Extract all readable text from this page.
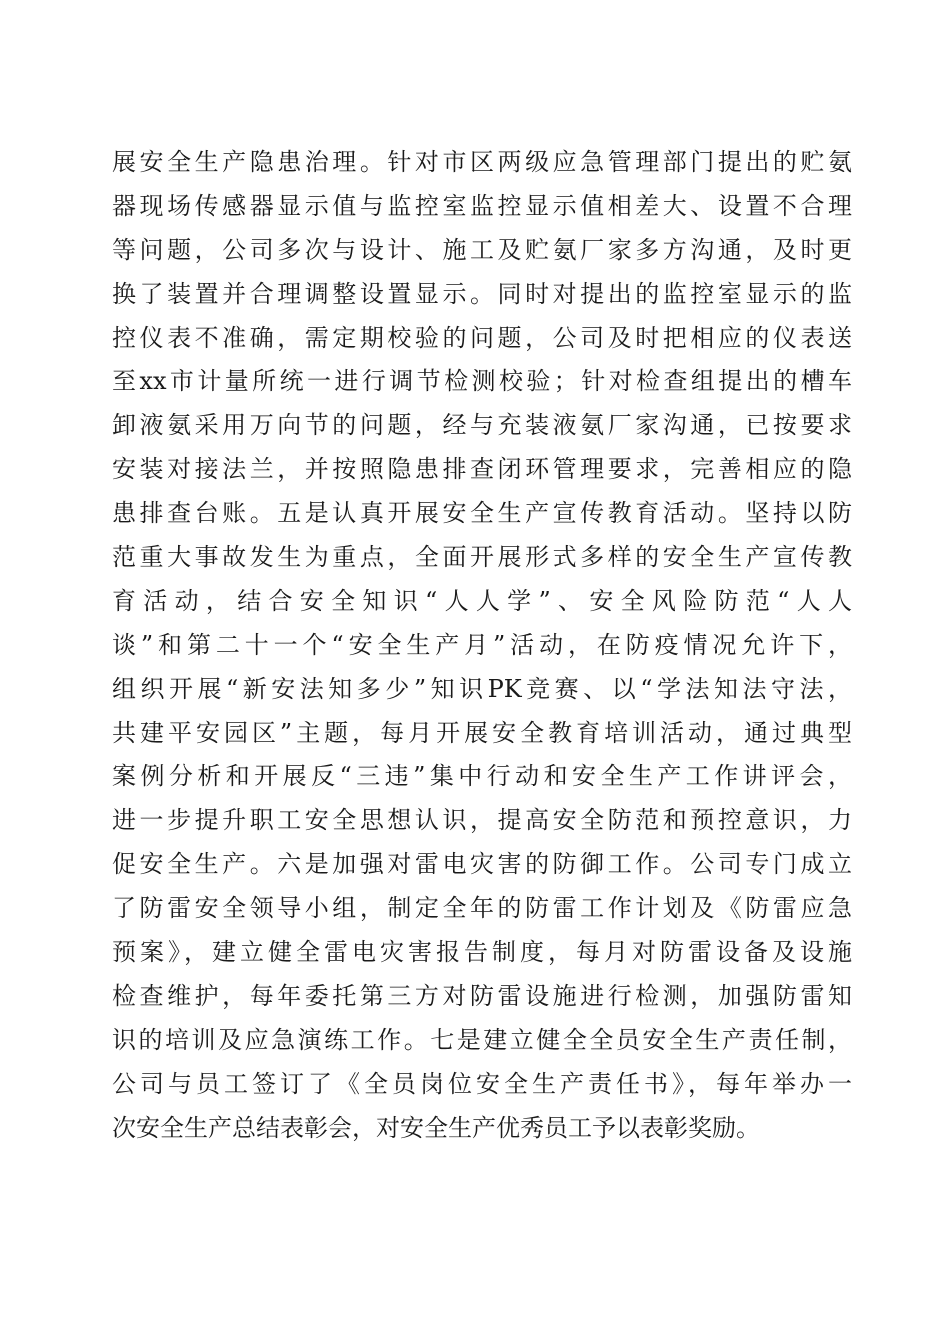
展安全生产隐患治理。针对市区两级应急管理部门提出的贮氨
器现场传感器显示值与监控室监控显示值相差大、设置不合理
等问题，公司多次与设计、施工及贮氨厂家多方沟通，及时更
换了装置并合理调整设置显示。同时对提出的监控室显示的监
控仪表不准确，需定期校验的问题，公司及时把相应的仪表送
至xx市计量所统一进行调节检测校验；针对检查组提出的槽车
卸液氨采用万向节的问题，经与充装液氨厂家沟通，已按要求
安装对接法兰，并按照隐患排查闭环管理要求，完善相应的隐
患排查台账。五是认真开展安全生产宣传教育活动。坚持以防
范重大事故发生为重点，全面开展形式多样的安全生产宣传教
育活动，结合安全知识“人人学”、安全风险防范“人人
谈”和第二十一个“安全生产月”活动，在防疫情况允许下，
组织开展“新安法知多少”知识PK竞赛、以“学法知法守法，
共建平安园区”主题，每月开展安全教育培训活动，通过典型
案例分析和开展反“三违”集中行动和安全生产工作讲评会，
进一步提升职工安全思想认识，提高安全防范和预控意识，力
促安全生产。六是加强对雷电灾害的防御工作。公司专门成立
了防雷安全领导小组，制定全年的防雷工作计划及《防雷应急
预案》，建立健全雷电灾害报告制度，每月对防雷设备及设施
检查维护，每年委托第三方对防雷设施进行检测，加强防雷知
识的培训及应急演练工作。七是建立健全全员安全生产责任制，
公司与员工签订了《全员岗位安全生产责任书》，每年举办一
次安全生产总结表彰会，对安全生产优秀员工予以表彰奖励。
